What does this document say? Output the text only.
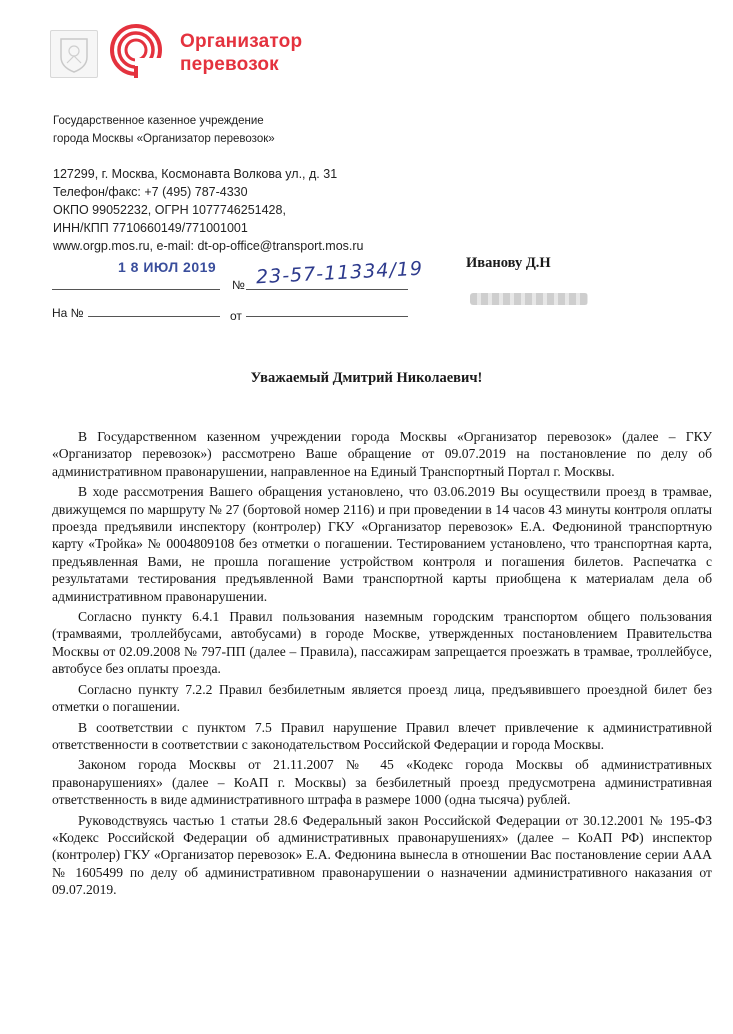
Организатор
перевозок
Государственное казенное учреждение
города Москвы «Организатор перевозок»
127299, г. Москва, Космонавта Волкова ул., д. 31
Телефон/факс: +7 (495) 787-4330
ОКПО 99052232, ОГРН 1077746251428,
ИНН/КПП 7710660149/771001001
www.orgp.mos.ru, e-mail: dt-op-office@transport.mos.ru
1 8 ИЮЛ 2019
№ 23-57-11334/19
На №	от
Иванову Д.Н
Уважаемый Дмитрий Николаевич!

В Государственном казенном учреждении города Москвы «Организатор перевозок» (далее – ГКУ «Организатор перевозок») рассмотрено Ваше обращение от 09.07.2019 на постановление по делу об административном правонарушении, направленное на Единый Транспортный Портал г. Москвы.

В ходе рассмотрения Вашего обращения установлено, что 03.06.2019 Вы осуществили проезд в трамвае, движущемся по маршруту № 27 (бортовой номер 2116) и при проведении в 14 часов 43 минуты контроля оплаты проезда предъявили инспектору (контролер) ГКУ «Организатор перевозок» Е.А. Федюниной транспортную карту «Тройка» № 0004809108 без отметки о погашении. Тестированием установлено, что транспортная карта, предъявленная Вами, не прошла погашение устройством контроля и погашения билетов. Распечатка с результатами тестирования предъявленной Вами транспортной карты приобщена к материалам дела об административном правонарушении.

Согласно пункту 6.4.1 Правил пользования наземным городским транспортом общего пользования (трамваями, троллейбусами, автобусами) в городе Москве, утвержденных постановлением Правительства Москвы от 02.09.2008 № 797-ПП (далее – Правила), пассажирам запрещается проезжать в трамвае, троллейбусе, автобусе без оплаты проезда.

Согласно пункту 7.2.2 Правил безбилетным является проезд лица, предъявившего проездной билет без отметки о погашении.

В соответствии с пунктом 7.5 Правил нарушение Правил влечет привлечение к административной ответственности в соответствии с законодательством Российской Федерации и города Москвы.

Законом города Москвы от 21.11.2007 № 45 «Кодекс города Москвы об административных правонарушениях» (далее – КоАП г. Москвы) за безбилетный проезд предусмотрена административная ответственность в виде административного штрафа в размере 1000 (одна тысяча) рублей.

Руководствуясь частью 1 статьи 28.6 Федеральный закон Российской Федерации от 30.12.2001 № 195-ФЗ «Кодекс Российской Федерации об административных правонарушениях» (далее – КоАП РФ) инспектор (контролер) ГКУ «Организатор перевозок» Е.А. Федюнина вынесла в отношении Вас постановление серии ААА № 1605499 по делу об административном правонарушении о назначении административного наказания от 09.07.2019.
